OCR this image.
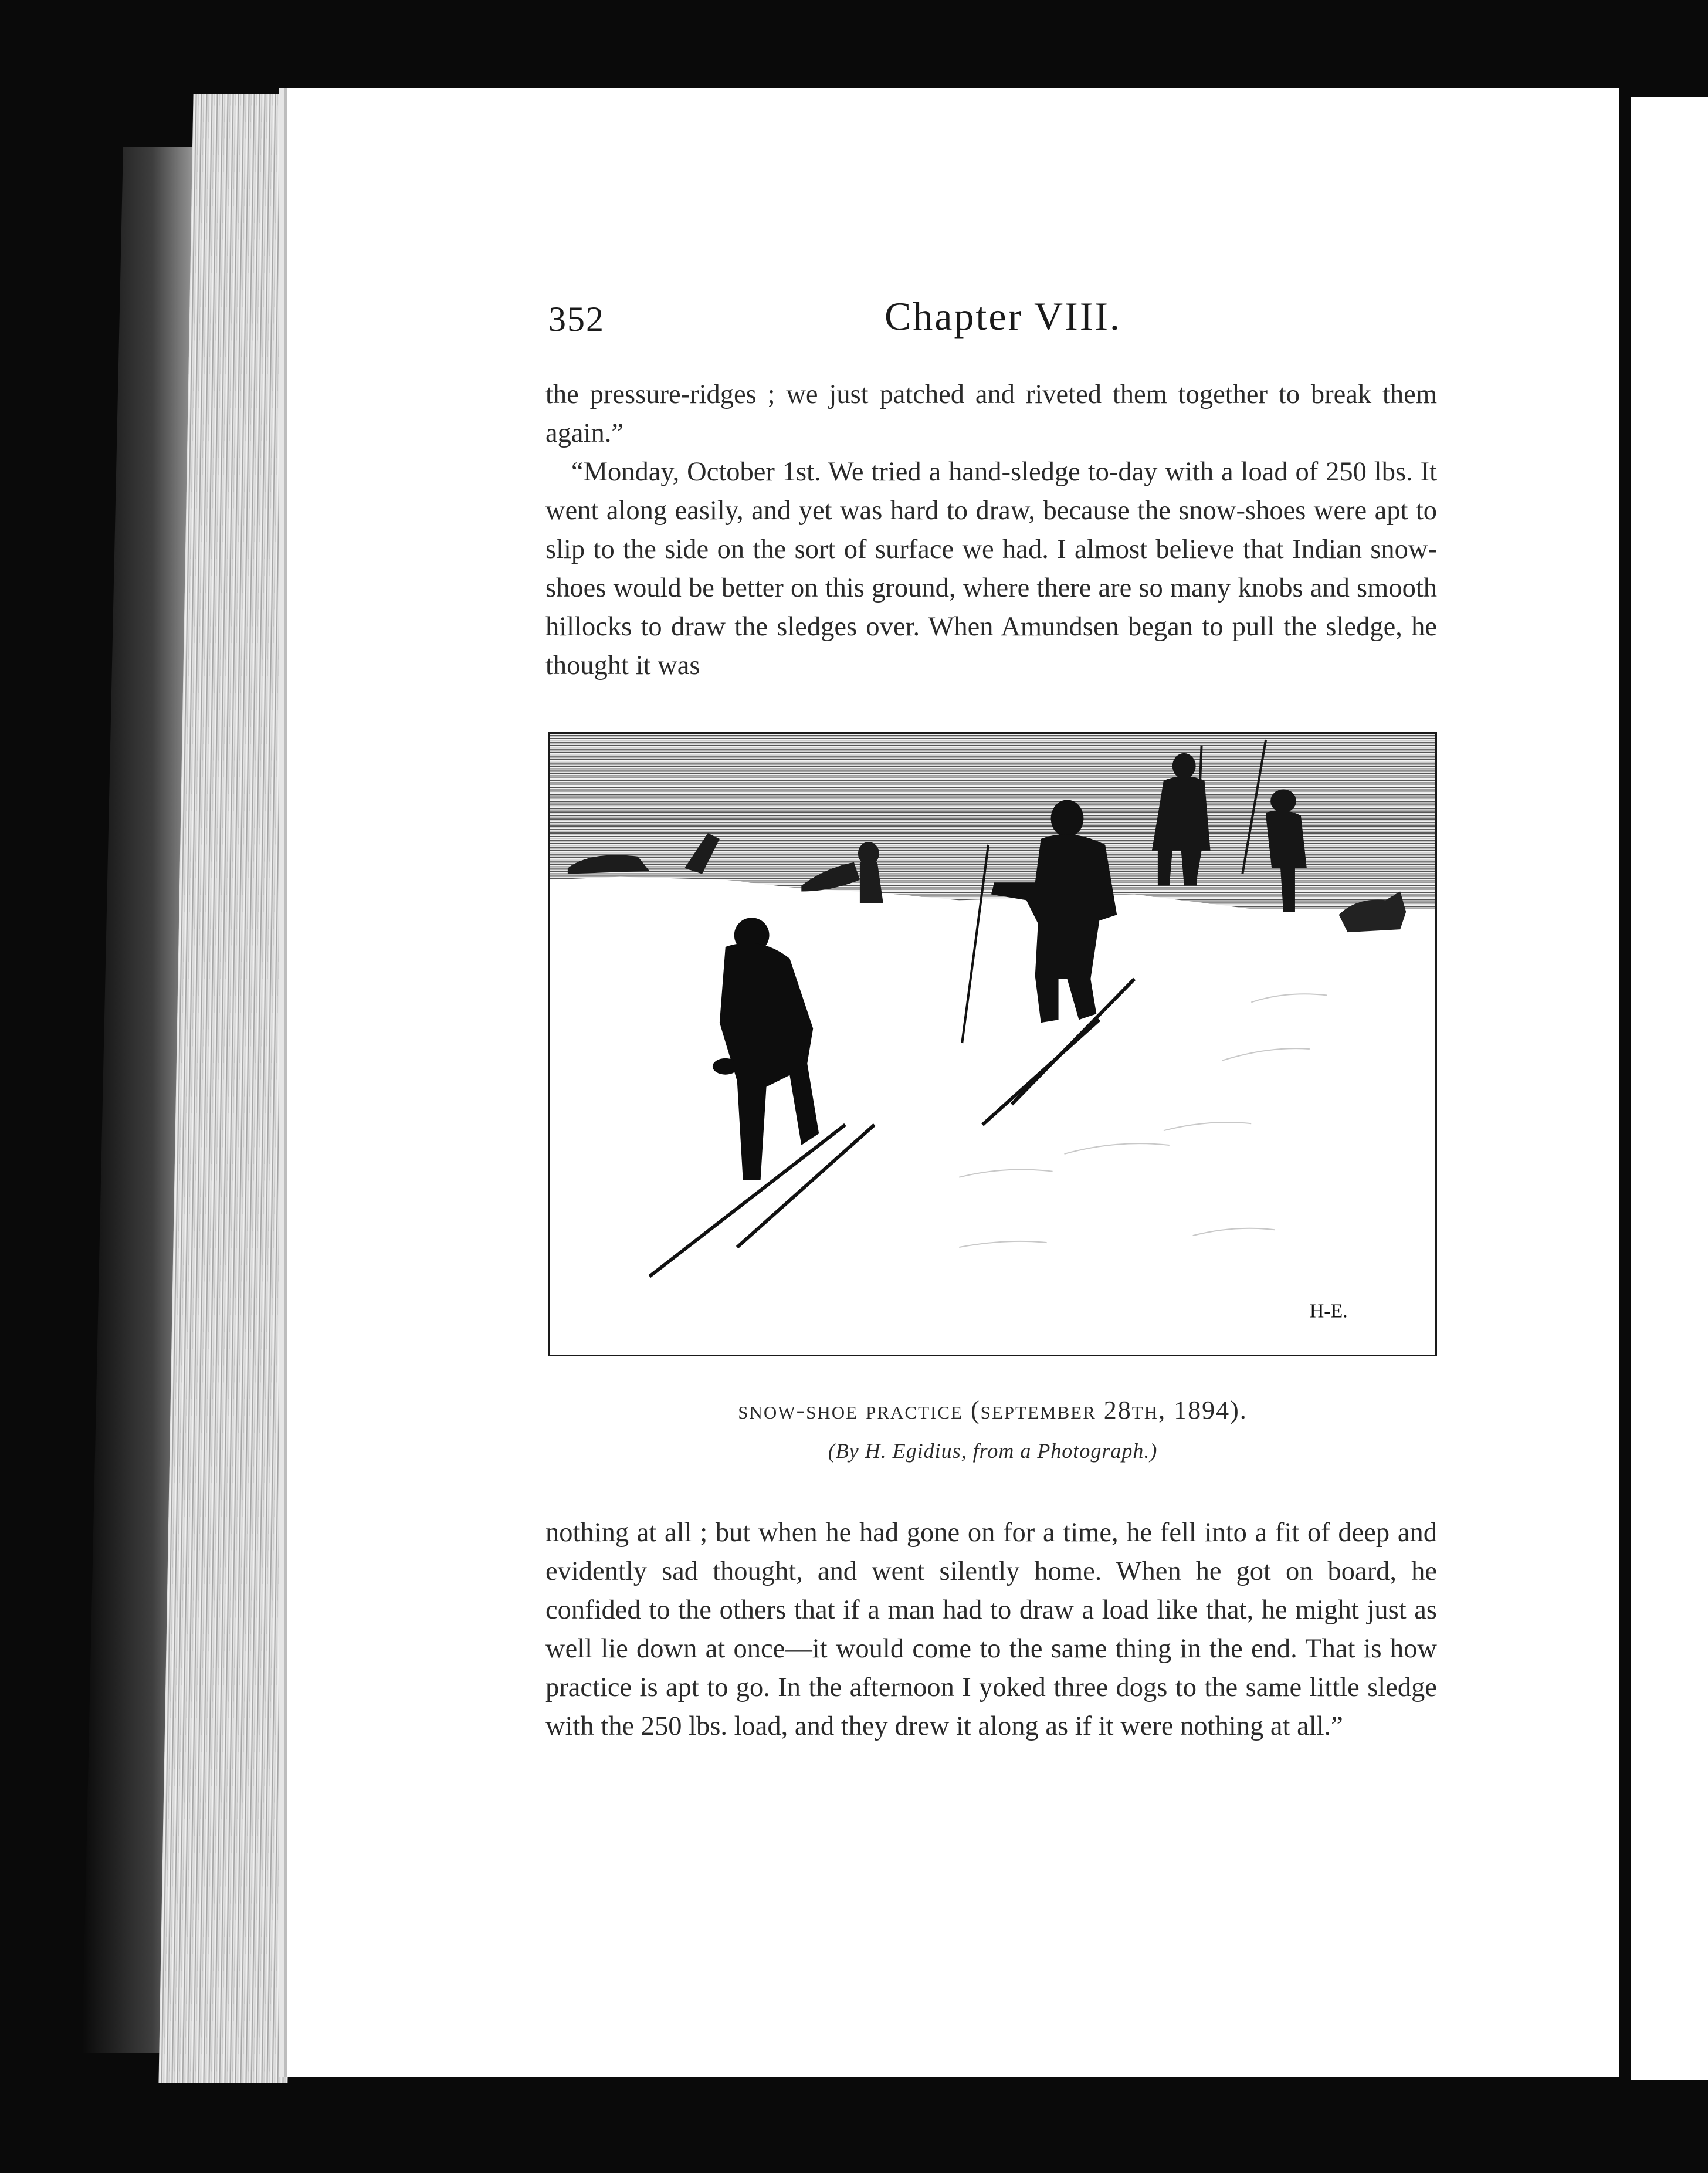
352	Chapter VIII.

the pressure-ridges ; we just patched and riveted them together to break them again.”

“Monday, October 1st. We tried a hand-sledge to-day with a load of 250 lbs. It went along easily, and yet was hard to draw, because the snow-shoes were apt to slip to the side on the sort of surface we had. I almost believe that Indian snow-shoes would be better on this ground, where there are so many knobs and smooth hillocks to draw the sledges over. When Amundsen began to pull the sledge, he thought it was

H-E.
snow-shoe practice (september 28th, 1894).
(By H. Egidius, from a Photograph.)

nothing at all ; but when he had gone on for a time, he fell into a fit of deep and evidently sad thought, and went silently home. When he got on board, he confided to the others that if a man had to draw a load like that, he might just as well lie down at once—it would come to the same thing in the end. That is how practice is apt to go. In the afternoon I yoked three dogs to the same little sledge with the 250 lbs. load, and they drew it along as if it were nothing at all.”
